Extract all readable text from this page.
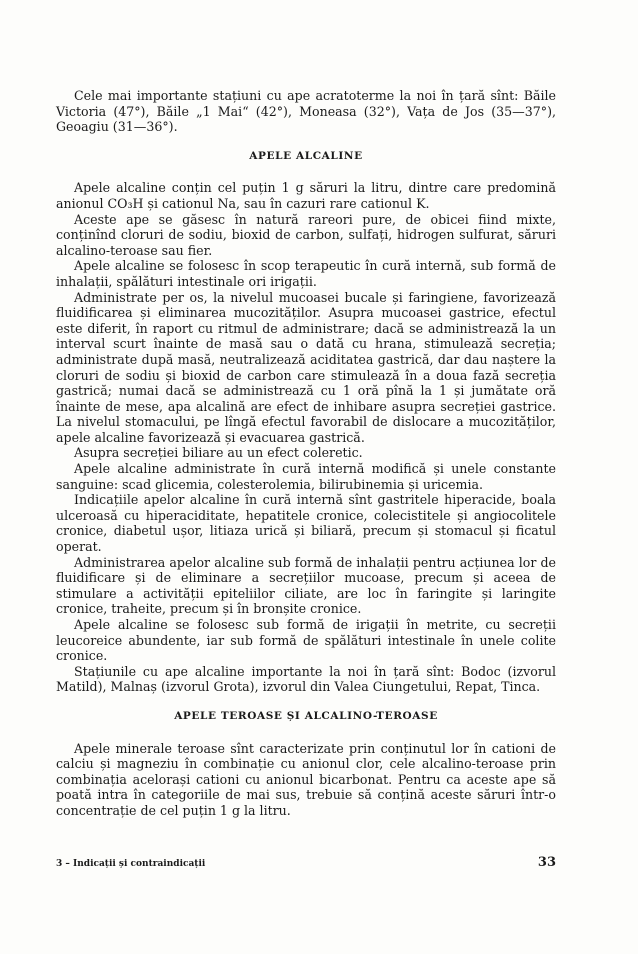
Cele mai importante stațiuni cu ape acratoterme la noi în țară sînt: Băile Victoria (47°), Băile „1 Mai“ (42°), Moneasa (32°), Vața de Jos (35—37°), Geoagiu (31—36°).

APELE ALCALINE

Apele alcaline conțin cel puțin 1 g săruri la litru, dintre care predomină anionul CO₃H și cationul Na, sau în cazuri rare cationul K.

Aceste ape se găsesc în natură rareori pure, de obicei fiind mixte, conținînd cloruri de sodiu, bioxid de carbon, sulfați, hidrogen sulfurat, săruri alcalino-teroase sau fier.

Apele alcaline se folosesc în scop terapeutic în cură internă, sub formă de inhalații, spălături intestinale ori irigații.

Administrate per os, la nivelul mucoasei bucale și faringiene, favorizează fluidificarea și eliminarea mucozităților. Asupra mucoasei gastrice, efectul este diferit, în raport cu ritmul de administrare; dacă se administrează la un interval scurt înainte de masă sau o dată cu hrana, stimulează secreția; administrate după masă, neutralizează aciditatea gastrică, dar dau naștere la cloruri de sodiu și bioxid de carbon care stimulează în a doua fază secreția gastrică; numai dacă se administrează cu 1 oră pînă la 1 și jumătate oră înainte de mese, apa alcalină are efect de inhibare asupra secreției gastrice. La nivelul stomacului, pe lîngă efectul favorabil de dislocare a mucozităților, apele alcaline favorizează și evacuarea gastrică.

Asupra secreției biliare au un efect coleretic.

Apele alcaline administrate în cură internă modifică și unele constante sanguine: scad glicemia, colesterolemia, bilirubinemia și uricemia.

Indicațiile apelor alcaline în cură internă sînt gastritele hiperacide, boala ulceroasă cu hiperaciditate, hepatitele cronice, colecistitele și angiocolitele cronice, diabetul ușor, litiaza urică și biliară, precum și stomacul și ficatul operat.

Administrarea apelor alcaline sub formă de inhalații pentru acțiunea lor de fluidificare și de eliminare a secrețiilor mucoase, precum și aceea de stimulare a activității epiteliilor ciliate, are loc în faringite și laringite cronice, traheite, precum și în bronșite cronice.

Apele alcaline se folosesc sub formă de irigații în metrite, cu secreții leucoreice abundente, iar sub formă de spălături intestinale în unele colite cronice.

Stațiunile cu ape alcaline importante la noi în țară sînt: Bodoc (izvorul Matild), Malnaș (izvorul Grota), izvorul din Valea Ciungetului, Repat, Tinca.

APELE TEROASE ȘI ALCALINO-TEROASE

Apele minerale teroase sînt caracterizate prin conținutul lor în cationi de calciu și magneziu în combinație cu anionul clor, cele alcalino-teroase prin combinația acelorași cationi cu anionul bicarbonat. Pentru ca aceste ape să poată intra în categoriile de mai sus, trebuie să conțină aceste săruri într-o concentrație de cel puțin 1 g la litru.

3 – Indicații și contraindicații	33
